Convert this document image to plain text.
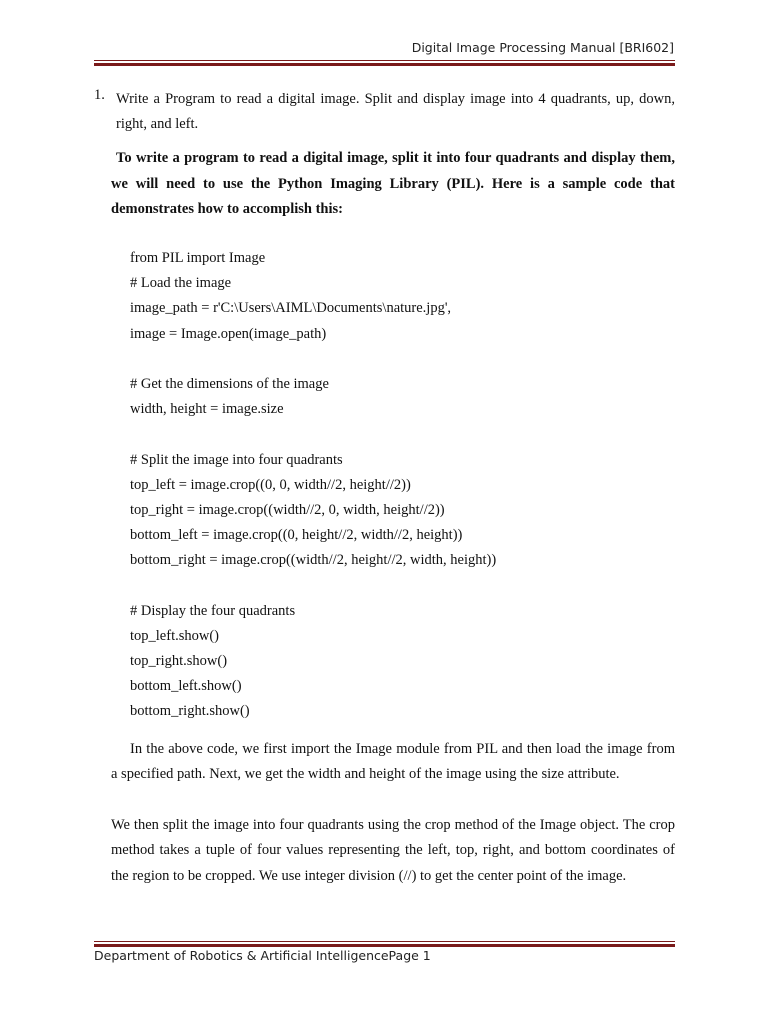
Digital Image Processing Manual [BRI602]
1. Write a Program to read a digital image. Split and display image into 4 quadrants, up, down, right, and left.
To write a program to read a digital image, split it into four quadrants and display them, we will need to use the Python Imaging Library (PIL). Here is a sample code that demonstrates how to accomplish this:
from PIL import Image
# Load the image
image_path = r'C:\Users\AIML\Documents\nature.jpg',
image = Image.open(image_path)
# Get the dimensions of the image
width, height = image.size
# Split the image into four quadrants
top_left = image.crop((0, 0, width//2, height//2))
top_right = image.crop((width//2, 0, width, height//2))
bottom_left = image.crop((0, height//2, width//2, height))
bottom_right = image.crop((width//2, height//2, width, height))
# Display the four quadrants
top_left.show()
top_right.show()
bottom_left.show()
bottom_right.show()
In the above code, we first import the Image module from PIL and then load the image from a specified path. Next, we get the width and height of the image using the size attribute.
We then split the image into four quadrants using the crop method of the Image object. The crop method takes a tuple of four values representing the left, top, right, and bottom coordinates of the region to be cropped. We use integer division (//) to get the center point of the image.
Department of Robotics & Artificial IntelligencePage 1
